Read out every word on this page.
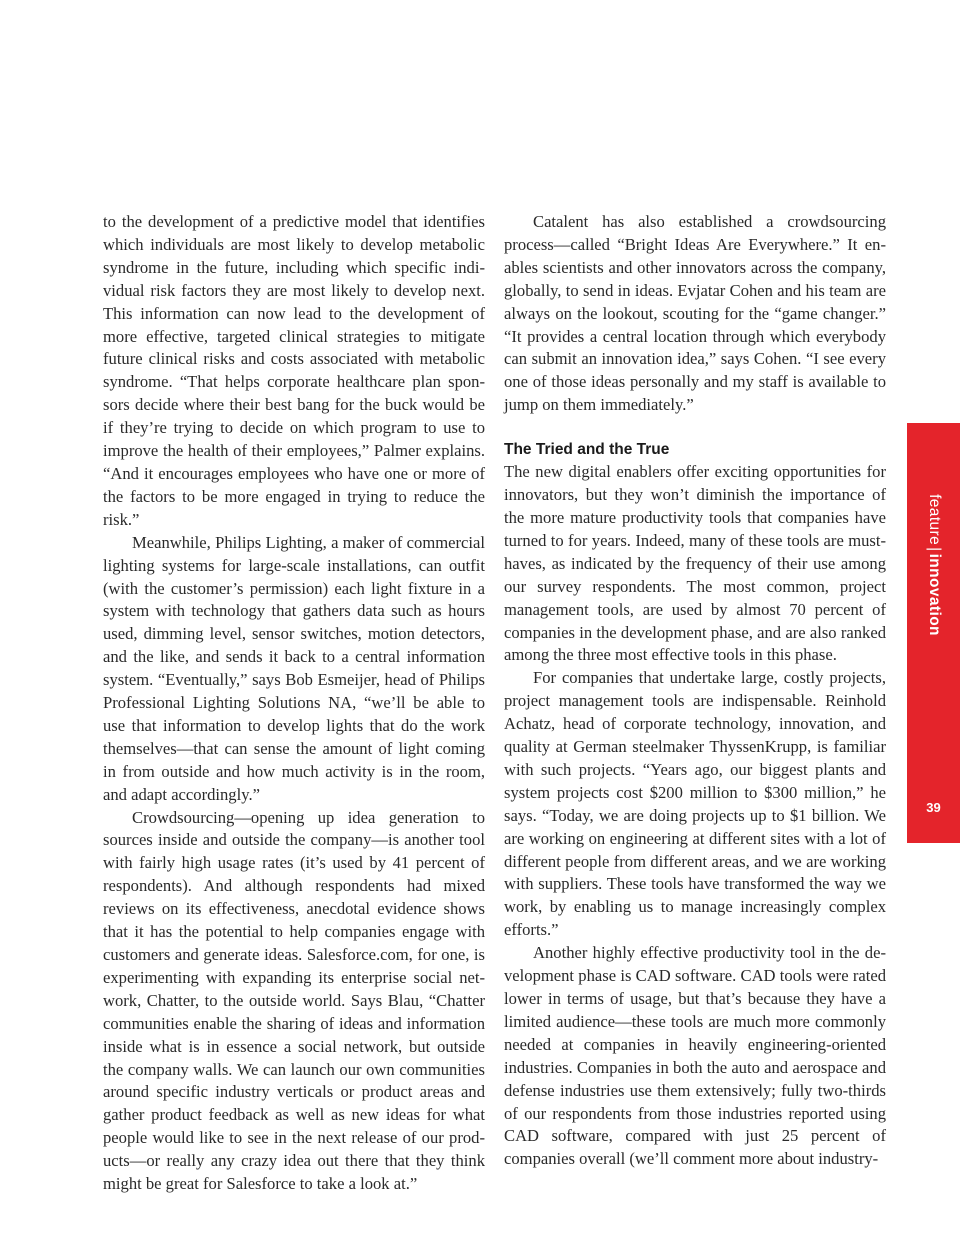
to the development of a predictive model that identifies which individuals are most likely to develop metabolic syndrome in the future, including which specific individual risk factors they are most likely to develop next. This information can now lead to the development of more effective, targeted clinical strategies to mitigate future clinical risks and costs associated with metabolic syndrome. “That helps corporate healthcare plan sponsors decide where their best bang for the buck would be if they’re trying to decide on which program to use to improve the health of their employees,” Palmer explains. “And it encourages employees who have one or more of the factors to be more engaged in trying to reduce the risk.”

Meanwhile, Philips Lighting, a maker of commercial lighting systems for large-scale installations, can outfit (with the customer’s permission) each light fixture in a system with technology that gathers data such as hours used, dimming level, sensor switches, motion detectors, and the like, and sends it back to a central information system. “Eventually,” says Bob Esmeijer, head of Philips Professional Lighting Solutions NA, “we’ll be able to use that information to develop lights that do the work themselves—that can sense the amount of light coming in from outside and how much activity is in the room, and adapt accordingly.”

Crowdsourcing—opening up idea generation to sources inside and outside the company—is another tool with fairly high usage rates (it’s used by 41 percent of respondents). And although respondents had mixed reviews on its effectiveness, anecdotal evidence shows that it has the potential to help companies engage with customers and generate ideas. Salesforce.com, for one, is experimenting with expanding its enterprise social network, Chatter, to the outside world. Says Blau, “Chatter communities enable the sharing of ideas and information inside what is in essence a social network, but outside the company walls. We can launch our own communities around specific industry verticals or product areas and gather product feedback as well as new ideas for what people would like to see in the next release of our products—or really any crazy idea out there that they think might be great for Salesforce to take a look at.”

Catalent has also established a crowdsourcing process—called “Bright Ideas Are Everywhere.” It enables scientists and other innovators across the company, globally, to send in ideas. Evjatar Cohen and his team are always on the lookout, scouting for the “game changer.” “It provides a central location through which everybody can submit an innovation idea,” says Cohen. “I see every one of those ideas personally and my staff is available to jump on them immediately.”

The Tried and the True

The new digital enablers offer exciting opportunities for innovators, but they won’t diminish the importance of the more mature productivity tools that companies have turned to for years. Indeed, many of these tools are must-haves, as indicated by the frequency of their use among our survey respondents. The most common, project management tools, are used by almost 70 percent of companies in the development phase, and are also ranked among the three most effective tools in this phase.

For companies that undertake large, costly projects, project management tools are indispensable. Reinhold Achatz, head of corporate technology, innovation, and quality at German steelmaker ThyssenKrupp, is familiar with such projects. “Years ago, our biggest plants and system projects cost $200 million to $300 million,” he says. “Today, we are doing projects up to $1 billion. We are working on engineering at different sites with a lot of different people from different areas, and we are working with suppliers. These tools have transformed the way we work, by enabling us to manage increasingly complex efforts.”

Another highly effective productivity tool in the development phase is CAD software. CAD tools were rated lower in terms of usage, but that’s because they have a limited audience—these tools are much more commonly needed at companies in heavily engineering-oriented industries. Companies in both the auto and aerospace and defense industries use them extensively; fully two-thirds of our respondents from those industries reported using CAD software, compared with just 25 percent of companies overall (we’ll comment more about industry-

feature|innovation
39
